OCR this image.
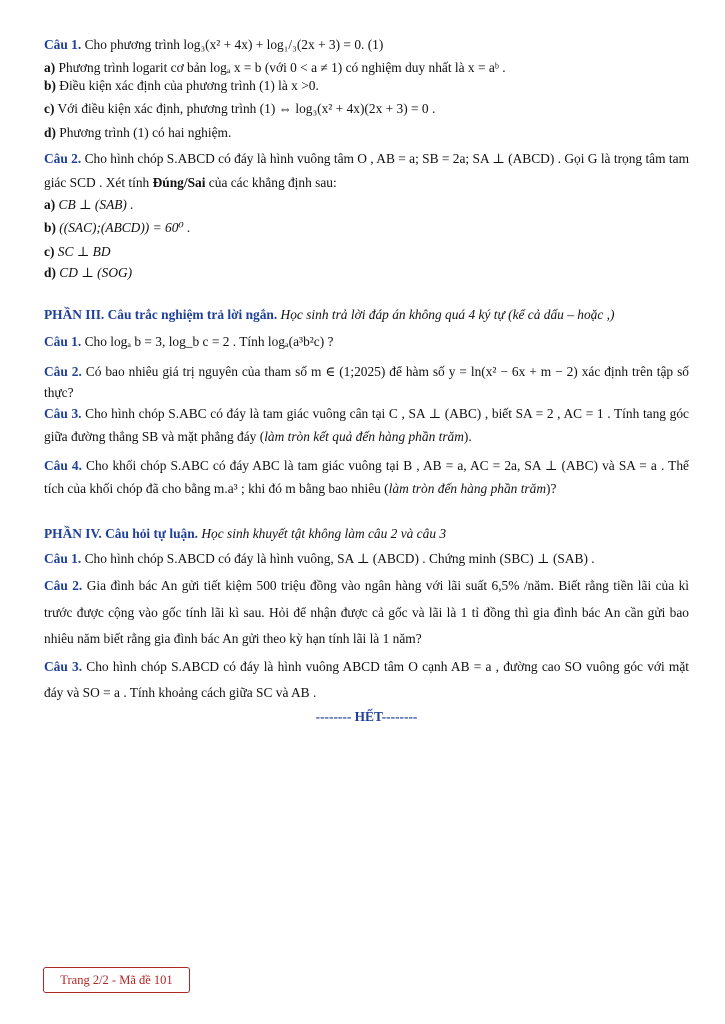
Câu 1. Cho phương trình log₃(x² + 4x) + log₁/₃(2x + 3) = 0. (1)

a) Phương trình logarit cơ bản logₐ x = b (với 0 < a ≠ 1) có nghiệm duy nhất là x = aᵇ .

b) Điều kiện xác định của phương trình (1) là x >0.

c) Với điều kiện xác định, phương trình (1) ⇔ log₃(x² + 4x)(2x + 3) = 0 .

d) Phương trình (1) có hai nghiệm.

Câu 2. Cho hình chóp S.ABCD có đáy là hình vuông tâm O , AB = a; SB = 2a; SA ⊥ (ABCD) . Gọi G là trọng tâm tam giác SCD . Xét tính Đúng/Sai của các khẳng định sau:

a) CB ⊥ (SAB) .

b) ((SAC);(ABCD)) = 60⁰ .

c) SC ⊥ BD

d) CD ⊥ (SOG)

PHẦN III. Câu trắc nghiệm trả lời ngắn. Học sinh trả lời đáp án không quá 4 ký tự (kể cả dấu – hoặc ,)

Câu 1. Cho logₐ b = 3, log_b c = 2 . Tính logₐ(a³b²c) ?

Câu 2. Có bao nhiêu giá trị nguyên của tham số m ∈ (1;2025) để hàm số y = ln(x² − 6x + m − 2) xác định trên tập số thực?

Câu 3. Cho hình chóp S.ABC có đáy là tam giác vuông cân tại C , SA ⊥ (ABC) , biết SA = 2 , AC = 1 . Tính tang góc giữa đường thẳng SB và mặt phẳng đáy (làm tròn kết quả đến hàng phần trăm).

Câu 4. Cho khối chóp S.ABC có đáy ABC là tam giác vuông tại B , AB = a, AC = 2a, SA ⊥ (ABC) và SA = a . Thể tích của khối chóp đã cho bằng m.a³ ; khi đó m bằng bao nhiêu (làm tròn đến hàng phần trăm)?

PHẦN IV. Câu hỏi tự luận. Học sinh khuyết tật không làm câu 2 và câu 3

Câu 1. Cho hình chóp S.ABCD có đáy là hình vuông, SA ⊥ (ABCD) . Chứng minh (SBC) ⊥ (SAB) .

Câu 2. Gia đình bác An gửi tiết kiệm 500 triệu đồng vào ngân hàng với lãi suất 6,5% /năm. Biết rằng tiền lãi của kì trước được cộng vào gốc tính lãi kì sau. Hỏi để nhận được cả gốc và lãi là 1 tỉ đồng thì gia đình bác An cần gửi bao nhiêu năm biết rằng gia đình bác An gửi theo kỳ hạn tính lãi là 1 năm?

Câu 3. Cho hình chóp S.ABCD có đáy là hình vuông ABCD tâm O cạnh AB = a , đường cao SO vuông góc với mặt đáy và SO = a . Tính khoảng cách giữa SC và AB .

-------- HẾT--------

Trang 2/2 - Mã đề 101
